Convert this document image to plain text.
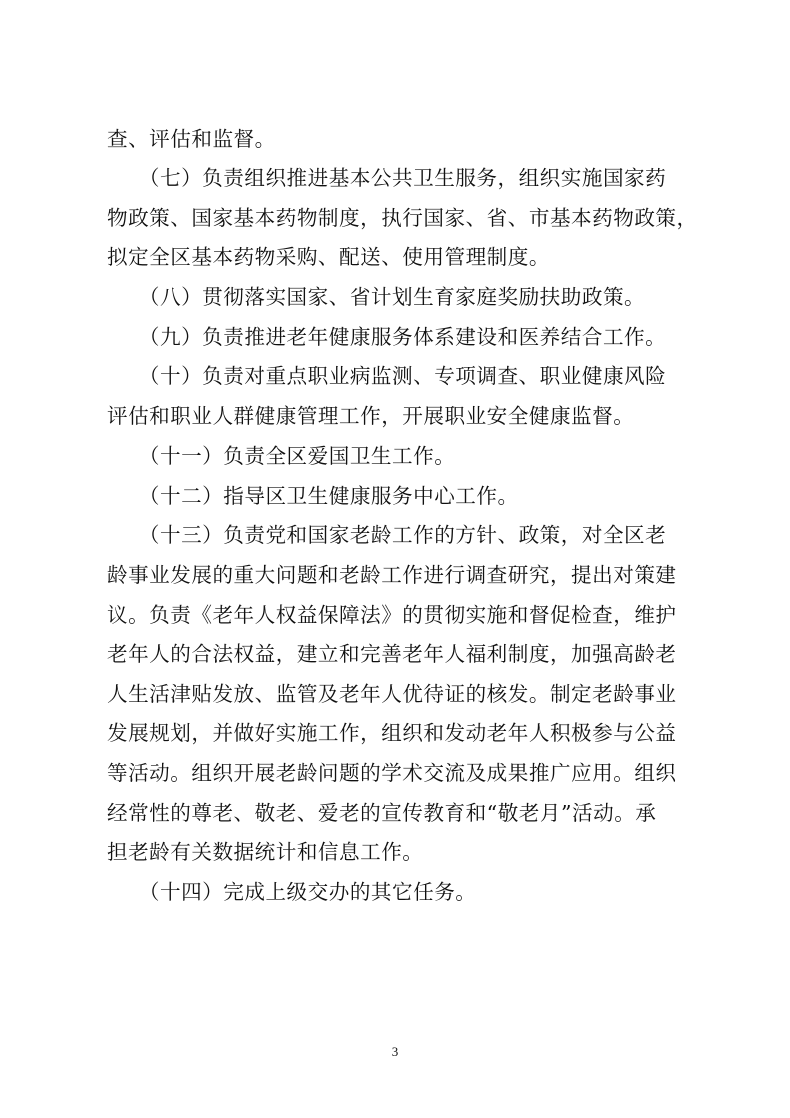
查、评估和监督。
　　（七）负责组织推进基本公共卫生服务，组织实施国家药
物政策、国家基本药物制度，执行国家、省、市基本药物政策，
拟定全区基本药物采购、配送、使用管理制度。
　　（八）贯彻落实国家、省计划生育家庭奖励扶助政策。
　　（九）负责推进老年健康服务体系建设和医养结合工作。
　　（十）负责对重点职业病监测、专项调查、职业健康风险
评估和职业人群健康管理工作，开展职业安全健康监督。
　　（十一）负责全区爱国卫生工作。
　　（十二）指导区卫生健康服务中心工作。
　　（十三）负责党和国家老龄工作的方针、政策，对全区老
龄事业发展的重大问题和老龄工作进行调查研究，提出对策建
议。负责《老年人权益保障法》的贯彻实施和督促检查，维护
老年人的合法权益，建立和完善老年人福利制度，加强高龄老
人生活津贴发放、监管及老年人优待证的核发。制定老龄事业
发展规划，并做好实施工作，组织和发动老年人积极参与公益
等活动。组织开展老龄问题的学术交流及成果推广应用。组织
经常性的尊老、敬老、爱老的宣传教育和“敬老月”活动。承
担老龄有关数据统计和信息工作。
　　（十四）完成上级交办的其它任务。
3
